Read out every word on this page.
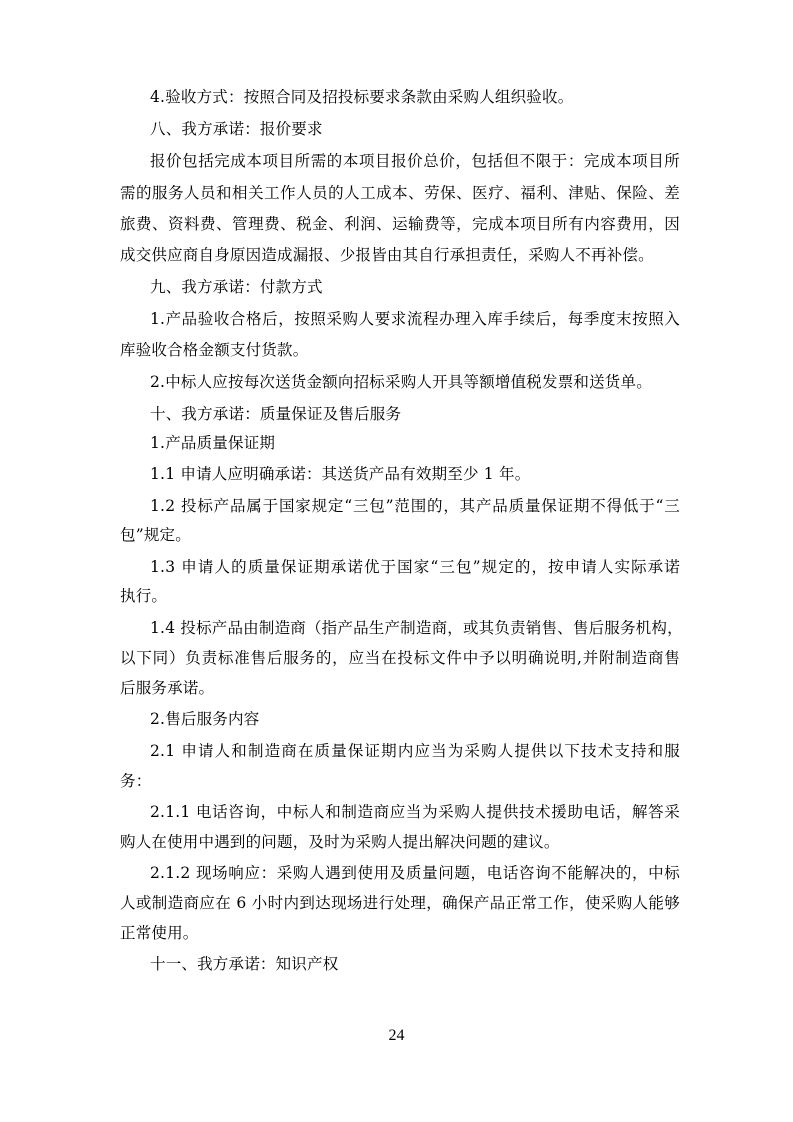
4.验收方式：按照合同及招投标要求条款由采购人组织验收。
八、我方承诺：报价要求
报价包括完成本项目所需的本项目报价总价，包括但不限于：完成本项目所
需的服务人员和相关工作人员的人工成本、劳保、医疗、福利、津贴、保险、差
旅费、资料费、管理费、税金、利润、运输费等，完成本项目所有内容费用，因
成交供应商自身原因造成漏报、少报皆由其自行承担责任，采购人不再补偿。
九、我方承诺：付款方式
1.产品验收合格后，按照采购人要求流程办理入库手续后，每季度末按照入
库验收合格金额支付货款。
2.中标人应按每次送货金额向招标采购人开具等额增值税发票和送货单。
十、我方承诺：质量保证及售后服务
1.产品质量保证期
1.1 申请人应明确承诺：其送货产品有效期至少 1 年。
1.2 投标产品属于国家规定“三包”范围的，其产品质量保证期不得低于“三
包”规定。
1.3 申请人的质量保证期承诺优于国家“三包”规定的，按申请人实际承诺
执行。
1.4 投标产品由制造商（指产品生产制造商，或其负责销售、售后服务机构，
以下同）负责标准售后服务的，应当在投标文件中予以明确说明,并附制造商售
后服务承诺。
2.售后服务内容
2.1 申请人和制造商在质量保证期内应当为采购人提供以下技术支持和服
务：
2.1.1 电话咨询，中标人和制造商应当为采购人提供技术援助电话，解答采
购人在使用中遇到的问题，及时为采购人提出解决问题的建议。
2.1.2 现场响应：采购人遇到使用及质量问题，电话咨询不能解决的，中标
人或制造商应在 6 小时内到达现场进行处理，确保产品正常工作，使采购人能够
正常使用。
十一、我方承诺：知识产权
24
